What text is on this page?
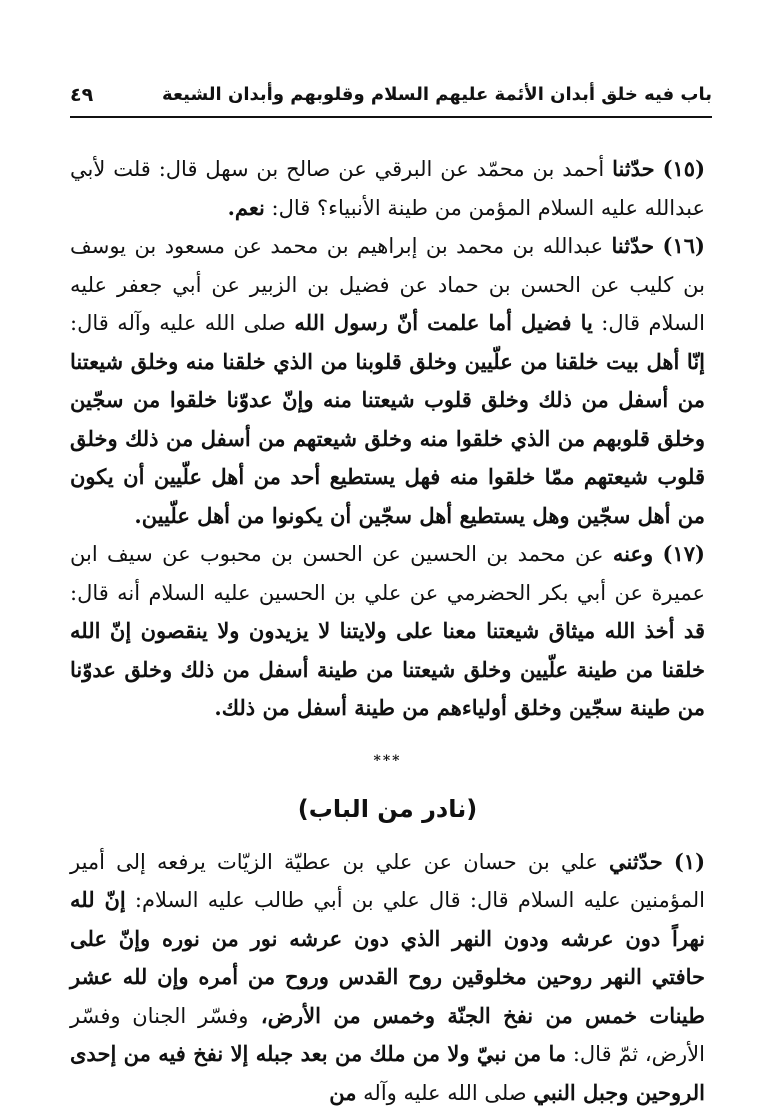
باب فيه خلق أبدان الأئمة عليهم السلام وقلوبهم وأبدان الشيعة
٤٩

(١٥) حدّثنا أحمد بن محمّد عن البرقي عن صالح بن سهل قال: قلت لأبي عبدالله عليه السلام المؤمن من طينة الأنبياء؟ قال: نعم.

(١٦) حدّثنا عبدالله بن محمد بن إبراهيم بن محمد عن مسعود بن يوسف بن كليب عن الحسن بن حماد عن فضيل بن الزبير عن أبي جعفر عليه السلام قال: يا فضيل أما علمت أنّ رسول الله صلى الله عليه وآله قال: إنّا أهل بيت خلقنا من علّيين وخلق قلوبنا من الذي خلقنا منه وخلق شيعتنا من أسفل من ذلك وخلق قلوب شيعتنا منه وإنّ عدوّنا خلقوا من سجّين وخلق قلوبهم من الذي خلقوا منه وخلق شيعتهم من أسفل من ذلك وخلق قلوب شيعتهم ممّا خلقوا منه فهل يستطيع أحد من أهل علّيين أن يكون من أهل سجّين وهل يستطيع أهل سجّين أن يكونوا من أهل علّيين.

(١٧) وعنه عن محمد بن الحسين عن الحسن بن محبوب عن سيف ابن عميرة عن أبي بكر الحضرمي عن علي بن الحسين عليه السلام أنه قال: قد أخذ الله ميثاق شيعتنا معنا على ولايتنا لا يزيدون ولا ينقصون إنّ الله خلقنا من طينة علّيين وخلق شيعتنا من طينة أسفل من ذلك وخلق عدوّنا من طينة سجّين وخلق أولياءهم من طينة أسفل من ذلك.

***
(نادر من الباب)

(١) حدّثني علي بن حسان عن علي بن عطيّة الزيّات يرفعه إلى أمير المؤمنين عليه السلام قال: قال علي بن أبي طالب عليه السلام: إنّ لله نهراً دون عرشه ودون النهر الذي دون عرشه نور من نوره وإنّ على حافتي النهر روحين مخلوقين روح القدس وروح من أمره وإن لله عشر طينات خمس من نفخ الجنّة وخمس من الأرض، وفسّر الجنان وفسّر الأرض، ثمّ قال: ما من نبيّ ولا من ملك من بعد جبله إلا نفخ فيه من إحدى الروحين وجبل النبي صلى الله عليه وآله من
